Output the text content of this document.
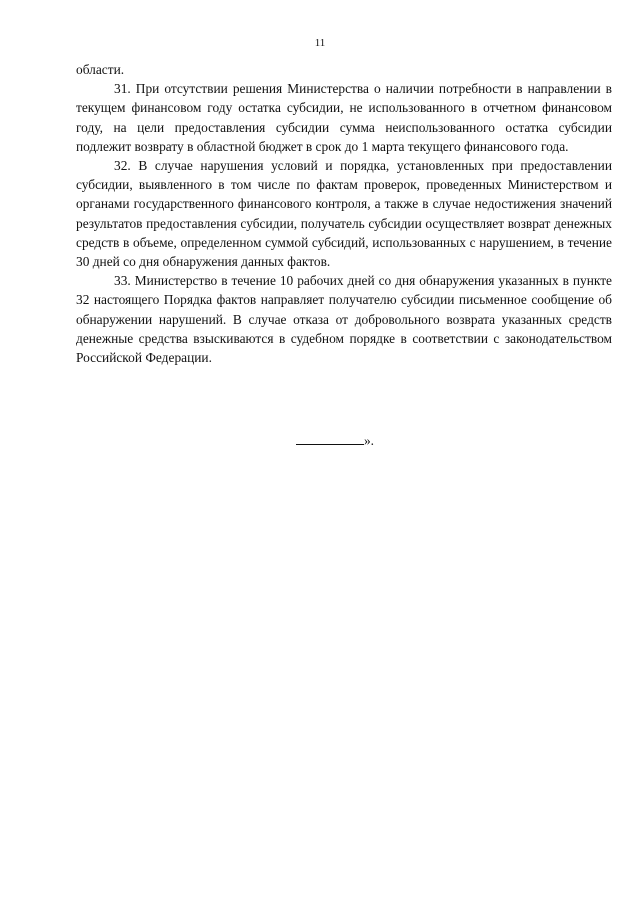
11

области.

31. При отсутствии решения Министерства о наличии потребности в направлении в текущем финансовом году остатка субсидии, не использованного в отчетном финансовом году, на цели предоставления субсидии сумма неиспользованного остатка субсидии подлежит возврату в областной бюджет в срок до 1 марта текущего финансового года.

32. В случае нарушения условий и порядка, установленных при предоставлении субсидии, выявленного в том числе по фактам проверок, проведенных Министерством и органами государственного финансового контроля, а также в случае недостижения значений результатов предоставления субсидии, получатель субсидии осуществляет возврат денежных средств в объеме, определенном суммой субсидий, использованных с нарушением, в течение 30 дней со дня обнаружения данных фактов.

33. Министерство в течение 10 рабочих дней со дня обнаружения указанных в пункте 32 настоящего Порядка фактов направляет получателю субсидии письменное сообщение об обнаружении нарушений. В случае отказа от добровольного возврата указанных средств денежные средства взыскиваются в судебном порядке в соответствии с законодательством Российской Федерации.

».
